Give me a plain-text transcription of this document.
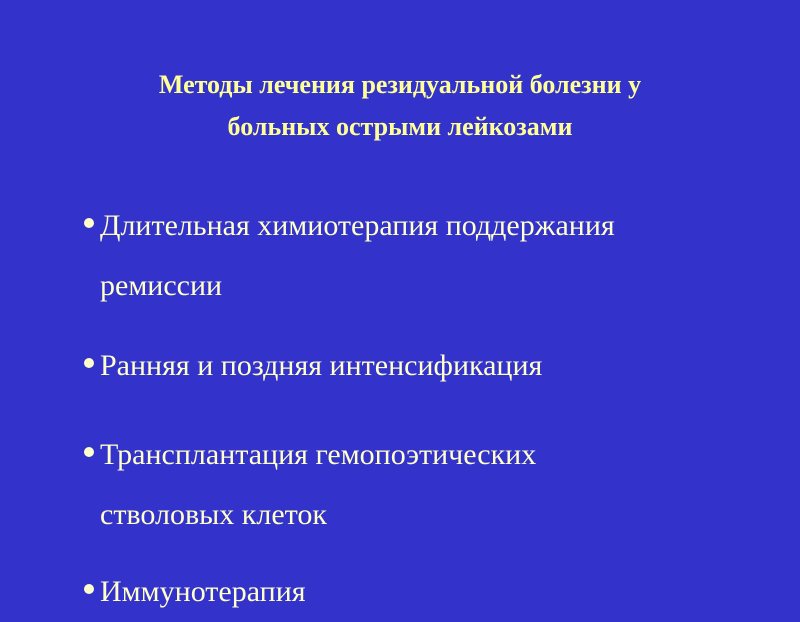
Методы лечения резидуальной болезни у
больных острыми лейкозами
Длительная химиотерапия поддержания
ремиссии
Ранняя и поздняя интенсификация
Трансплантация гемопоэтических
стволовых клеток
Иммунотерапия
